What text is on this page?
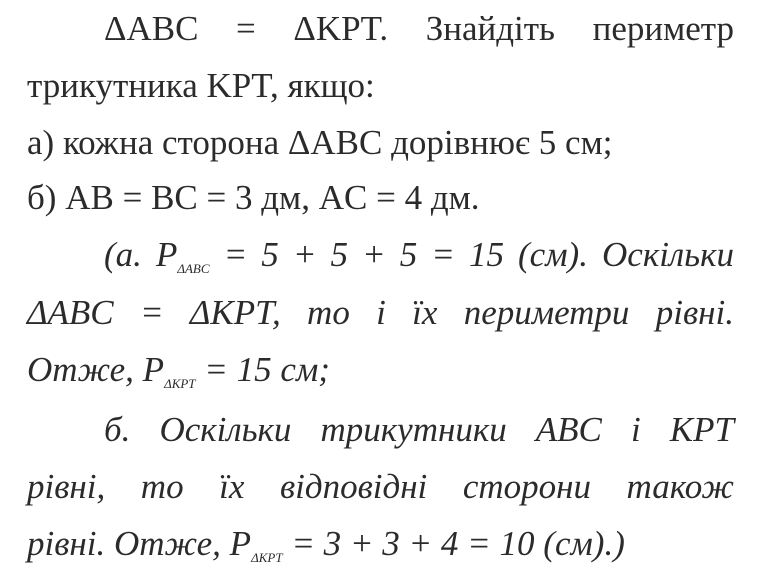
ΔABC = ΔKPT. Знайдіть периметр
трикутника KPT, якщо:
а) кожна сторона ΔABC дорівнює 5 см;
б) AB = BC = 3 дм, AC = 4 дм.
(а. $P_{\Delta ABC} = 5 + 5 + 5 = 15$ (см). Оскільки
ΔABC = ΔKPT, то і їх периметри рівні.
Отже, $P_{\Delta KPT} = 15$ см;
б. Оскільки трикутники ABC і KPT
рівні, то їх відповідні сторони також
рівні. Отже, $P_{\Delta KPT} = 3 + 3 + 4 = 10$ (см).)
